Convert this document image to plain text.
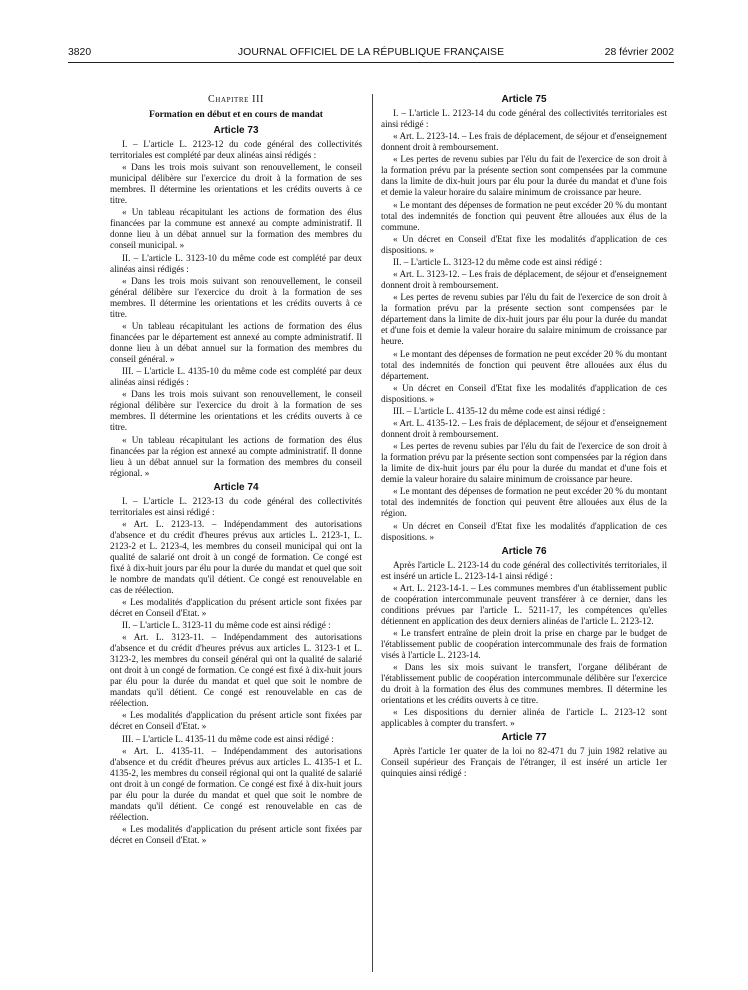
3820	JOURNAL OFFICIEL DE LA RÉPUBLIQUE FRANÇAISE	28 février 2002
Chapitre III
Formation en début et en cours de mandat
Article 73

I. – L'article L. 2123-12 du code général des collectivités territoriales est complété par deux alinéas ainsi rédigés :

« Dans les trois mois suivant son renouvellement, le conseil municipal délibère sur l'exercice du droit à la formation de ses membres. Il détermine les orientations et les crédits ouverts à ce titre.

« Un tableau récapitulant les actions de formation des élus financées par la commune est annexé au compte administratif. Il donne lieu à un débat annuel sur la formation des membres du conseil municipal. »

II. – L'article L. 3123-10 du même code est complété par deux alinéas ainsi rédigés :

« Dans les trois mois suivant son renouvellement, le conseil général délibère sur l'exercice du droit à la formation de ses membres. Il détermine les orientations et les crédits ouverts à ce titre.

« Un tableau récapitulant les actions de formation des élus financées par le département est annexé au compte administratif. Il donne lieu à un débat annuel sur la formation des membres du conseil général. »

III. – L'article L. 4135-10 du même code est complété par deux alinéas ainsi rédigés :

« Dans les trois mois suivant son renouvellement, le conseil régional délibère sur l'exercice du droit à la formation de ses membres. Il détermine les orientations et les crédits ouverts à ce titre.

« Un tableau récapitulant les actions de formation des élus financées par la région est annexé au compte administratif. Il donne lieu à un débat annuel sur la formation des membres du conseil régional. »

Article 74

I. – L'article L. 2123-13 du code général des collectivités territoriales est ainsi rédigé :

« Art. L. 2123-13. – Indépendamment des autorisations d'absence et du crédit d'heures prévus aux articles L. 2123-1, L. 2123-2 et L. 2123-4, les membres du conseil municipal qui ont la qualité de salarié ont droit à un congé de formation. Ce congé est fixé à dix-huit jours par élu pour la durée du mandat et quel que soit le nombre de mandats qu'il détient. Ce congé est renouvelable en cas de réélection.

« Les modalités d'application du présent article sont fixées par décret en Conseil d'Etat. »

II. – L'article L. 3123-11 du même code est ainsi rédigé :

« Art. L. 3123-11. – Indépendamment des autorisations d'absence et du crédit d'heures prévus aux articles L. 3123-1 et L. 3123-2, les membres du conseil général qui ont la qualité de salarié ont droit à un congé de formation. Ce congé est fixé à dix-huit jours par élu pour la durée du mandat et quel que soit le nombre de mandats qu'il détient. Ce congé est renouvelable en cas de réélection.

« Les modalités d'application du présent article sont fixées par décret en Conseil d'Etat. »

III. – L'article L. 4135-11 du même code est ainsi rédigé :

« Art. L. 4135-11. – Indépendamment des autorisations d'absence et du crédit d'heures prévus aux articles L. 4135-1 et L. 4135-2, les membres du conseil régional qui ont la qualité de salarié ont droit à un congé de formation. Ce congé est fixé à dix-huit jours par élu pour la durée du mandat et quel que soit le nombre de mandats qu'il détient. Ce congé est renouvelable en cas de réélection.

« Les modalités d'application du présent article sont fixées par décret en Conseil d'Etat. »

Article 75

I. – L'article L. 2123-14 du code général des collectivités territoriales est ainsi rédigé :

« Art. L. 2123-14. – Les frais de déplacement, de séjour et d'enseignement donnent droit à remboursement.

« Les pertes de revenu subies par l'élu du fait de l'exercice de son droit à la formation prévu par la présente section sont compensées par la commune dans la limite de dix-huit jours par élu pour la durée du mandat et d'une fois et demie la valeur horaire du salaire minimum de croissance par heure.

« Le montant des dépenses de formation ne peut excéder 20 % du montant total des indemnités de fonction qui peuvent être allouées aux élus de la commune.

« Un décret en Conseil d'Etat fixe les modalités d'application de ces dispositions. »

II. – L'article L. 3123-12 du même code est ainsi rédigé :

« Art. L. 3123-12. – Les frais de déplacement, de séjour et d'enseignement donnent droit à remboursement.

« Les pertes de revenu subies par l'élu du fait de l'exercice de son droit à la formation prévu par la présente section sont compensées par le département dans la limite de dix-huit jours par élu pour la durée du mandat et d'une fois et demie la valeur horaire du salaire minimum de croissance par heure.

« Le montant des dépenses de formation ne peut excéder 20 % du montant total des indemnités de fonction qui peuvent être allouées aux élus du département.

« Un décret en Conseil d'Etat fixe les modalités d'application de ces dispositions. »

III. – L'article L. 4135-12 du même code est ainsi rédigé :

« Art. L. 4135-12. – Les frais de déplacement, de séjour et d'enseignement donnent droit à remboursement.

« Les pertes de revenu subies par l'élu du fait de l'exercice de son droit à la formation prévu par la présente section sont compensées par la région dans la limite de dix-huit jours par élu pour la durée du mandat et d'une fois et demie la valeur horaire du salaire minimum de croissance par heure.

« Le montant des dépenses de formation ne peut excéder 20 % du montant total des indemnités de fonction qui peuvent être allouées aux élus de la région.

« Un décret en Conseil d'Etat fixe les modalités d'application de ces dispositions. »

Article 76

Après l'article L. 2123-14 du code général des collectivités territoriales, il est inséré un article L. 2123-14-1 ainsi rédigé :

« Art. L. 2123-14-1. – Les communes membres d'un établissement public de coopération intercommunale peuvent transférer à ce dernier, dans les conditions prévues par l'article L. 5211-17, les compétences qu'elles détiennent en application des deux derniers alinéas de l'article L. 2123-12.

« Le transfert entraîne de plein droit la prise en charge par le budget de l'établissement public de coopération intercommunale des frais de formation visés à l'article L. 2123-14.

« Dans les six mois suivant le transfert, l'organe délibérant de l'établissement public de coopération intercommunale délibère sur l'exercice du droit à la formation des élus des communes membres. Il détermine les orientations et les crédits ouverts à ce titre.

« Les dispositions du dernier alinéa de l'article L. 2123-12 sont applicables à compter du transfert. »

Article 77

Après l'article 1er quater de la loi no 82-471 du 7 juin 1982 relative au Conseil supérieur des Français de l'étranger, il est inséré un article 1er quinquies ainsi rédigé :
